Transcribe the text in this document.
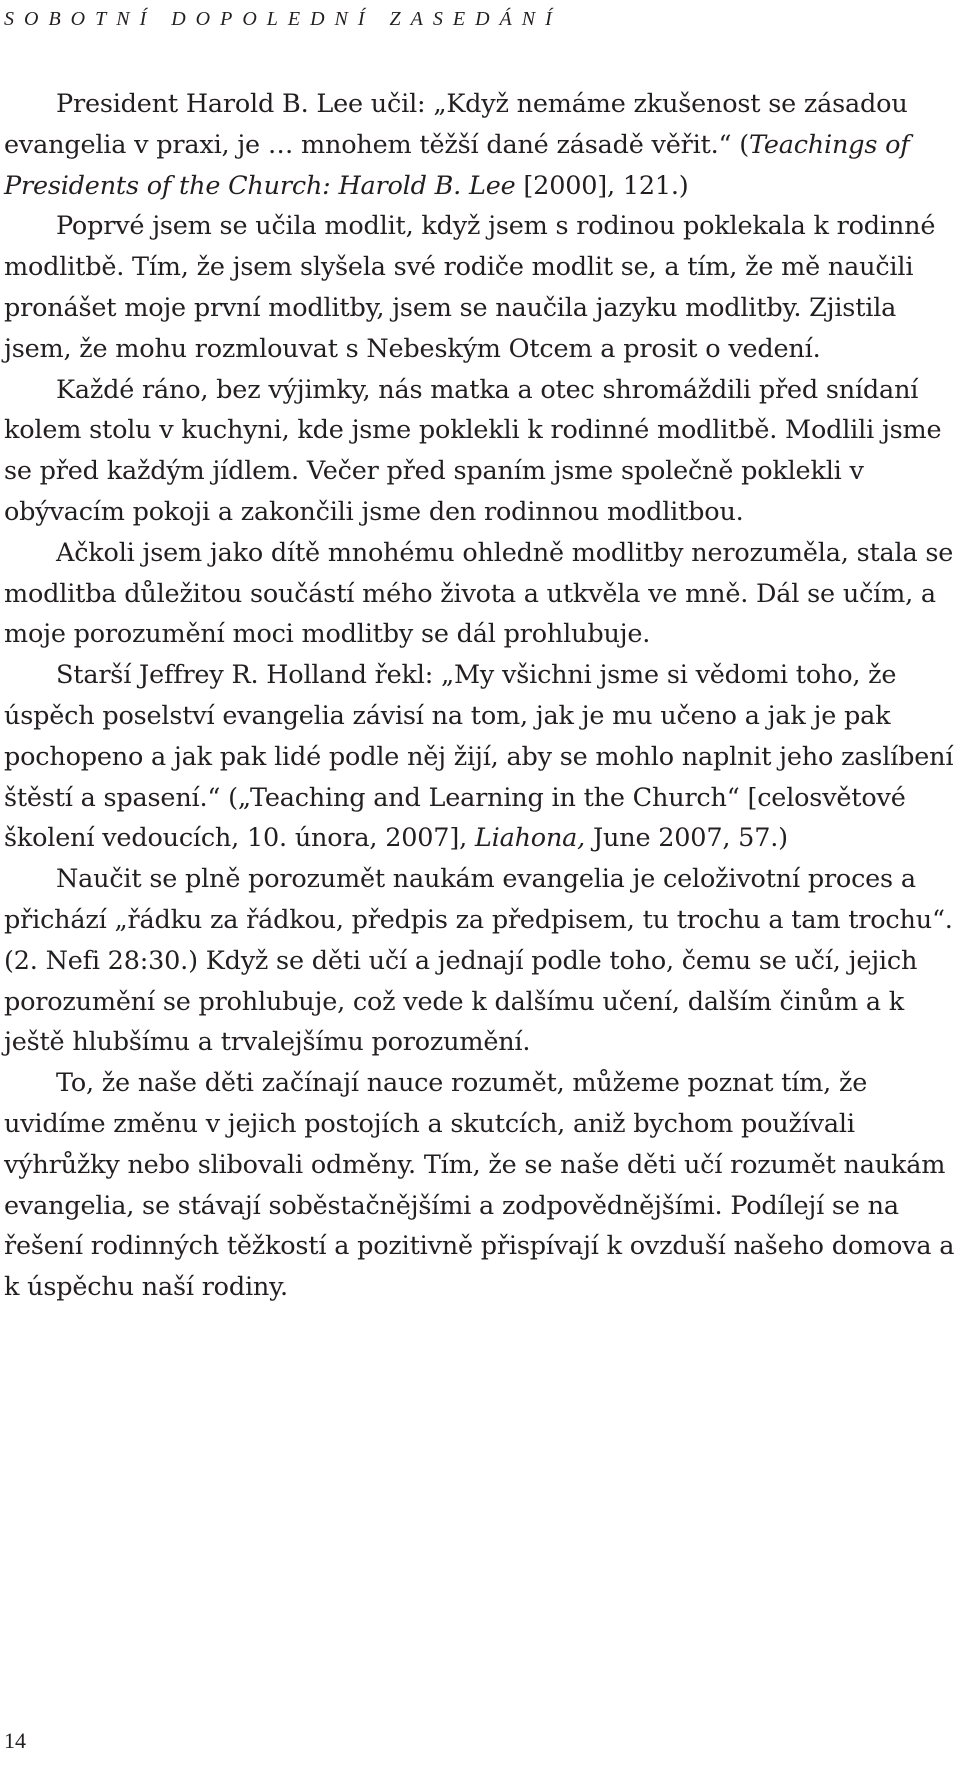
SOBOTNÍ DOPOLEDNÍ ZASEDÁNÍ

President Harold B. Lee učil: „Když nemáme zkušenost se zásadou evangelia v praxi, je … mnohem těžší dané zásadě věřit.“ (Teachings of Presidents of the Church: Harold B. Lee [2000], 121.)

Poprvé jsem se učila modlit, když jsem s rodinou poklekala k rodinné modlitbě. Tím, že jsem slyšela své rodiče modlit se, a tím, že mě naučili pronášet moje první modlitby, jsem se naučila jazyku modlitby. Zjistila jsem, že mohu rozmlouvat s Nebeským Otcem a prosit o vedení.

Každé ráno, bez výjimky, nás matka a otec shromáždili před snídaní kolem stolu v kuchyni, kde jsme poklekli k rodinné modlitbě. Modlili jsme se před každým jídlem. Večer před spaním jsme společně poklekli v obývacím pokoji a zakončili jsme den rodinnou modlitbou.

Ačkoli jsem jako dítě mnohému ohledně modlitby nerozuměla, stala se modlitba důležitou součástí mého života a utkvěla ve mně. Dál se učím, a moje porozumění moci modlitby se dál prohlubuje.

Starší Jeffrey R. Holland řekl: „My všichni jsme si vědomi toho, že úspěch poselství evangelia závisí na tom, jak je mu učeno a jak je pak pochopeno a jak pak lidé podle něj žijí, aby se mohlo naplnit jeho zaslíbení štěstí a spasení.“ („Teaching and Learning in the Church“ [celosvětové školení vedoucích, 10. února, 2007], Liahona, June 2007, 57.)

Naučit se plně porozumět naukám evangelia je celoživotní proces a přichází „řádku za řádkou, předpis za předpisem, tu trochu a tam trochu“. (2. Nefi 28:30.) Když se děti učí a jednají podle toho, čemu se učí, jejich porozumění se prohlubuje, což vede k dalšímu učení, dalším činům a k ještě hlubšímu a trvalejšímu porozumění.

To, že naše děti začínají nauce rozumět, můžeme poznat tím, že uvidíme změnu v jejich postojích a skutcích, aniž bychom používali výhrůžky nebo slibovali odměny. Tím, že se naše děti učí rozumět naukám evangelia, se stávají soběstačnějšími a zodpovědnějšími. Podílejí se na řešení rodinných těžkostí a pozitivně přispívají k ovzduší našeho domova a k úspěchu naší rodiny.

14
